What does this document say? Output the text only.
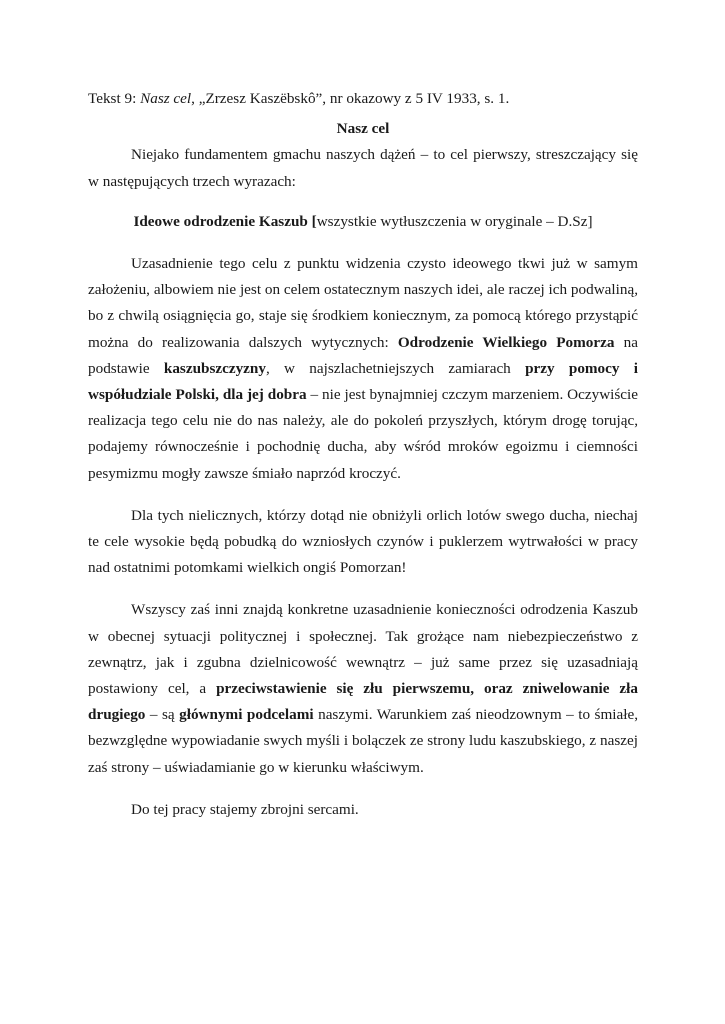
Tekst 9: Nasz cel, „Zrzesz Kaszëbskô”, nr okazowy z 5 IV 1933, s. 1.

Nasz cel

Niejako fundamentem gmachu naszych dążeń – to cel pierwszy, streszczający się w następujących trzech wyrazach:

Ideowe odrodzenie Kaszub [wszystkie wytłuszczenia w oryginale – D.Sz]

Uzasadnienie tego celu z punktu widzenia czysto ideowego tkwi już w samym założeniu, albowiem nie jest on celem ostatecznym naszych idei, ale raczej ich podwaliną, bo z chwilą osiągnięcia go, staje się środkiem koniecznym, za pomocą którego przystąpić można do realizowania dalszych wytycznych: Odrodzenie Wielkiego Pomorza na podstawie kaszubszczyzny, w najszlachetniejszych zamiarach przy pomocy i współudziale Polski, dla jej dobra – nie jest bynajmniej czczym marzeniem. Oczywiście realizacja tego celu nie do nas należy, ale do pokoleń przyszłych, którym drogę torując, podajemy równocześnie i pochodnię ducha, aby wśród mroków egoizmu i ciemności pesymizmu mogły zawsze śmiało naprzód kroczyć.

Dla tych nielicznych, którzy dotąd nie obniżyli orlich lotów swego ducha, niechaj te cele wysokie będą pobudką do wzniosłych czynów i puklerzem wytrwałości w pracy nad ostatnimi potomkami wielkich ongiś Pomorzan!

Wszyscy zaś inni znajdą konkretne uzasadnienie konieczności odrodzenia Kaszub w obecnej sytuacji politycznej i społecznej. Tak grożące nam niebezpieczeństwo z zewnątrz, jak i zgubna dzielnicowość wewnątrz – już same przez się uzasadniają postawiony cel, a przeciwstawienie się złu pierwszemu, oraz zniwelowanie zła drugiego – są głównymi podcelami naszymi. Warunkiem zaś nieodzownym – to śmiałe, bezwzględne wypowiadanie swych myśli i bolączek ze strony ludu kaszubskiego, z naszej zaś strony – uświadamianie go w kierunku właściwym.

Do tej pracy stajemy zbrojni sercami.
